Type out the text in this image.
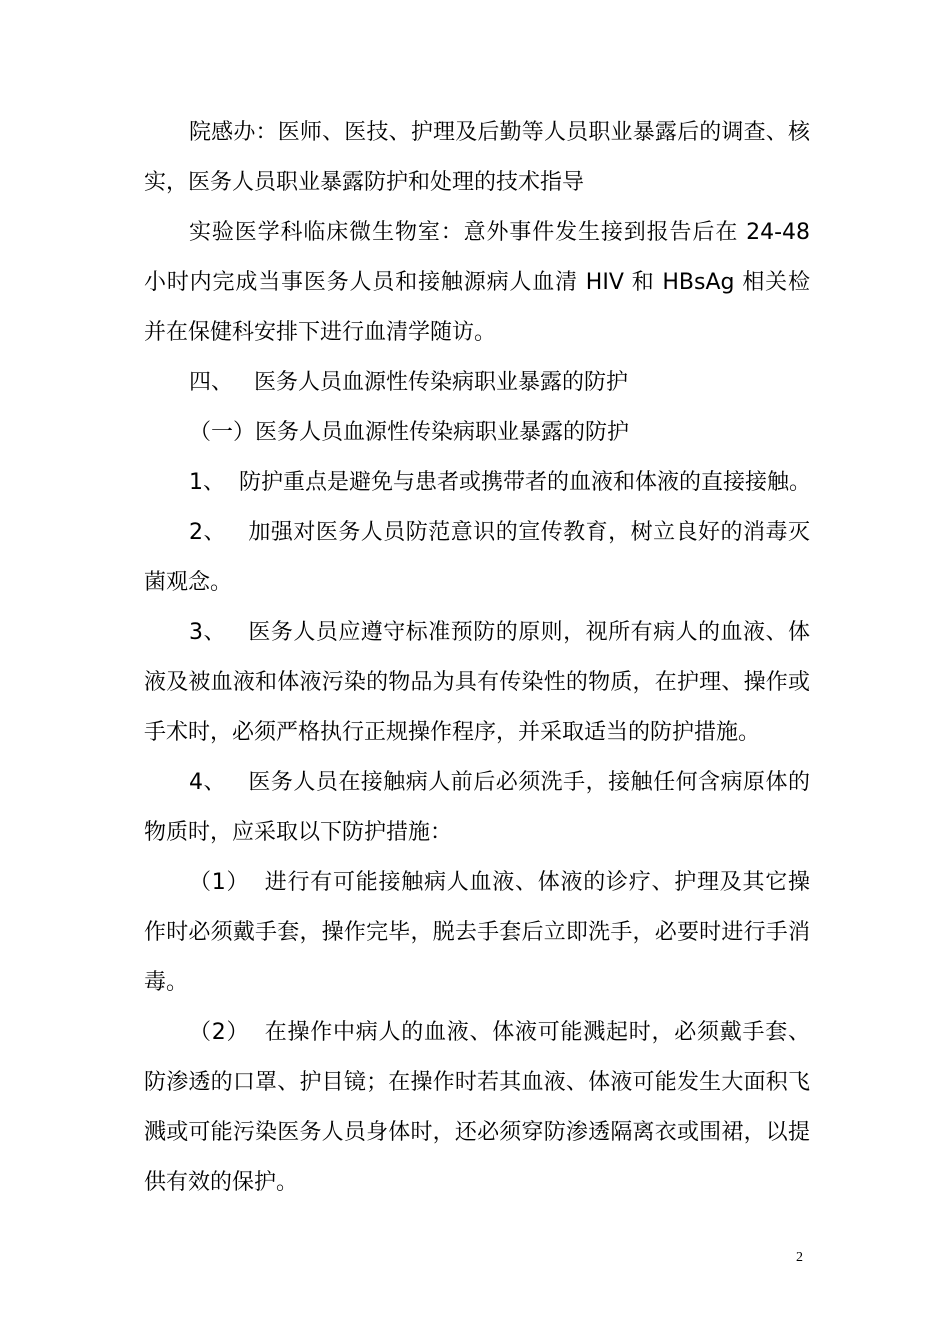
院感办：医师、医技、护理及后勤等人员职业暴露后的调查、核
实，医务人员职业暴露防护和处理的技术指导
实验医学科临床微生物室：意外事件发生接到报告后在 24-48
小时内完成当事医务人员和接触源病人血清 HIV 和 HBsAg 相关检
并在保健科安排下进行血清学随访。
四、   医务人员血源性传染病职业暴露的防护
（一）医务人员血源性传染病职业暴露的防护
1、  防护重点是避免与患者或携带者的血液和体液的直接接触。
2、   加强对医务人员防范意识的宣传教育，树立良好的消毒灭
菌观念。
3、   医务人员应遵守标准预防的原则，视所有病人的血液、体
液及被血液和体液污染的物品为具有传染性的物质，在护理、操作或
手术时，必须严格执行正规操作程序，并采取适当的防护措施。
4、   医务人员在接触病人前后必须洗手，接触任何含病原体的
物质时，应采取以下防护措施：
（1）  进行有可能接触病人血液、体液的诊疗、护理及其它操
作时必须戴手套，操作完毕，脱去手套后立即洗手，必要时进行手消
毒。
（2）  在操作中病人的血液、体液可能溅起时，必须戴手套、
防渗透的口罩、护目镜；在操作时若其血液、体液可能发生大面积飞
溅或可能污染医务人员身体时，还必须穿防渗透隔离衣或围裙，以提
供有效的保护。
2
